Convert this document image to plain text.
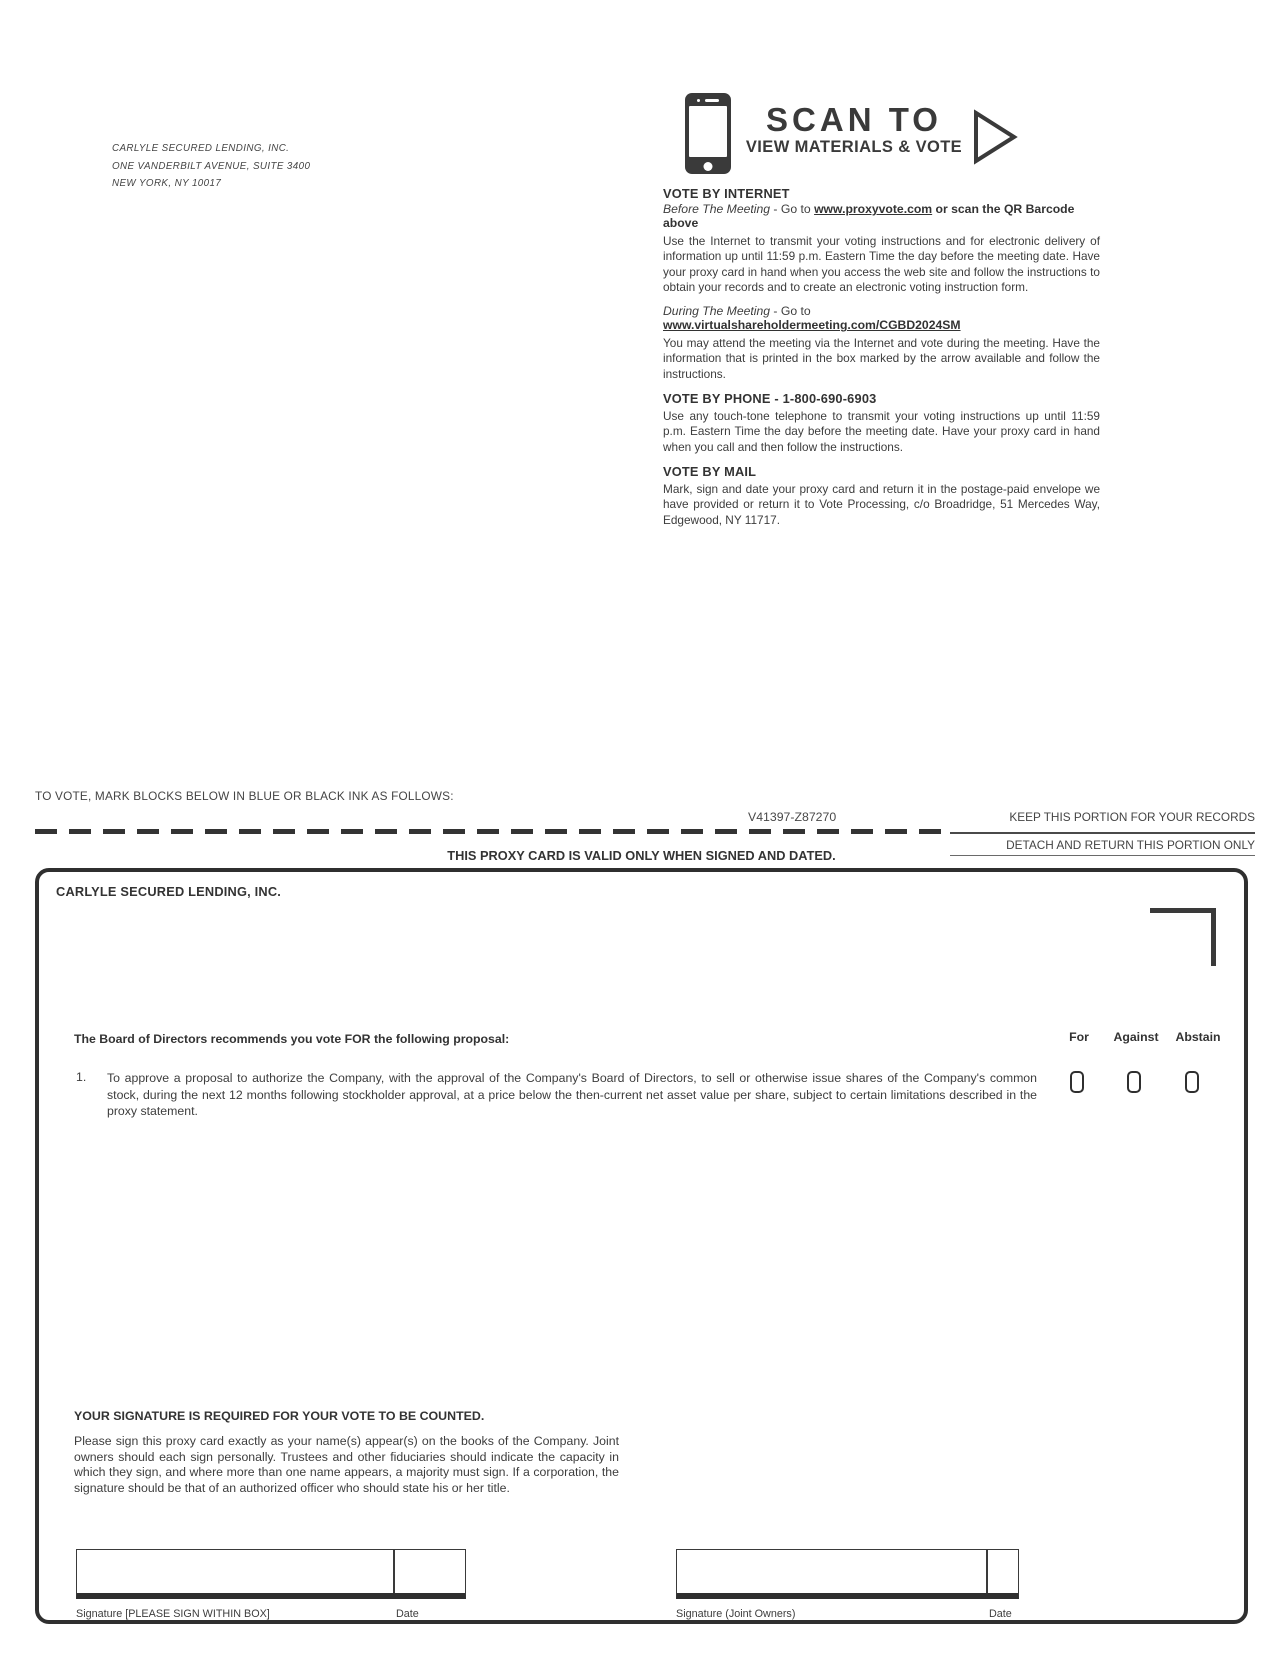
CARLYLE SECURED LENDING, INC.
ONE VANDERBILT AVENUE, SUITE 3400
NEW YORK, NY 10017
SCAN TO
VIEW MATERIALS & VOTE
VOTE BY INTERNET
Before The Meeting - Go to www.proxyvote.com or scan the QR Barcode above

Use the Internet to transmit your voting instructions and for electronic delivery of information up until 11:59 p.m. Eastern Time the day before the meeting date. Have your proxy card in hand when you access the web site and follow the instructions to obtain your records and to create an electronic voting instruction form.

During The Meeting - Go to www.virtualshareholdermeeting.com/CGBD2024SM

You may attend the meeting via the Internet and vote during the meeting. Have the information that is printed in the box marked by the arrow available and follow the instructions.

VOTE BY PHONE - 1-800-690-6903

Use any touch-tone telephone to transmit your voting instructions up until 11:59 p.m. Eastern Time the day before the meeting date. Have your proxy card in hand when you call and then follow the instructions.

VOTE BY MAIL

Mark, sign and date your proxy card and return it in the postage-paid envelope we have provided or return it to Vote Processing, c/o Broadridge, 51 Mercedes Way, Edgewood, NY 11717.

TO VOTE, MARK BLOCKS BELOW IN BLUE OR BLACK INK AS FOLLOWS:
V41397-Z87270	KEEP THIS PORTION FOR YOUR RECORDS
DETACH AND RETURN THIS PORTION ONLY
THIS PROXY CARD IS VALID ONLY WHEN SIGNED AND DATED.
CARLYLE SECURED LENDING, INC.
The Board of Directors recommends you vote FOR the following proposal:	For Against Abstain
1. To approve a proposal to authorize the Company, with the approval of the Company's Board of Directors, to sell or otherwise issue shares of the Company's common stock, during the next 12 months following stockholder approval, at a price below the then-current net asset value per share, subject to certain limitations described in the proxy statement.
YOUR SIGNATURE IS REQUIRED FOR YOUR VOTE TO BE COUNTED.
Please sign this proxy card exactly as your name(s) appear(s) on the books of the Company. Joint owners should each sign personally. Trustees and other fiduciaries should indicate the capacity in which they sign, and where more than one name appears, a majority must sign. If a corporation, the signature should be that of an authorized officer who should state his or her title.
Signature [PLEASE SIGN WITHIN BOX]	Date	Signature (Joint Owners)	Date
